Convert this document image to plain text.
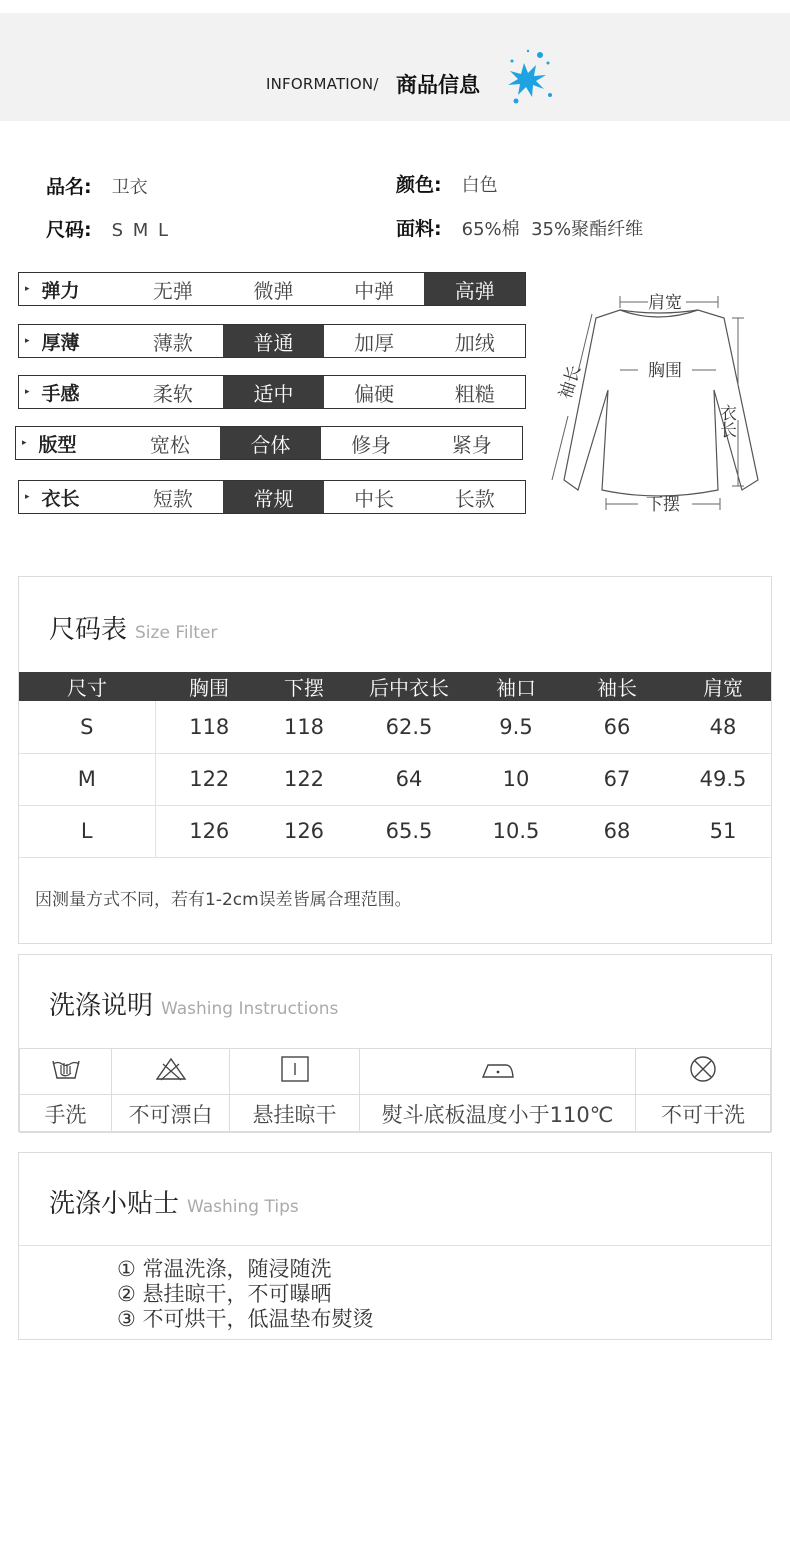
INFORMATION/ 商品信息
品名: 卫衣	颜色: 白色
尺码: S M L	面料: 65%棉  35%聚酯纤维
▸ 弹力	无弹	微弹	中弹	高弹
▸ 厚薄	薄款	普通	加厚	加绒
▸ 手感	柔软	适中	偏硬	粗糙
▸ 版型	宽松	合体	修身	紧身
▸ 衣长	短款	常规	中长	长款
肩宽
胸围
下摆
衣长
袖长
尺码表 Size Filter
尺寸	胸围	下摆	后中衣长	袖口	袖长	肩宽
S	118	118	62.5	9.5	66	48
M	122	122	64	10	67	49.5
L	126	126	65.5	10.5	68	51
因测量方式不同，若有1-2cm误差皆属合理范围。
洗涤说明 Washing Instructions

手洗	不可漂白	悬挂晾干	熨斗底板温度小于110℃	不可干洗
洗涤小贴士 Washing Tips
① 常温洗涤，随浸随洗
② 悬挂晾干，不可曝晒
③ 不可烘干，低温垫布熨烫
